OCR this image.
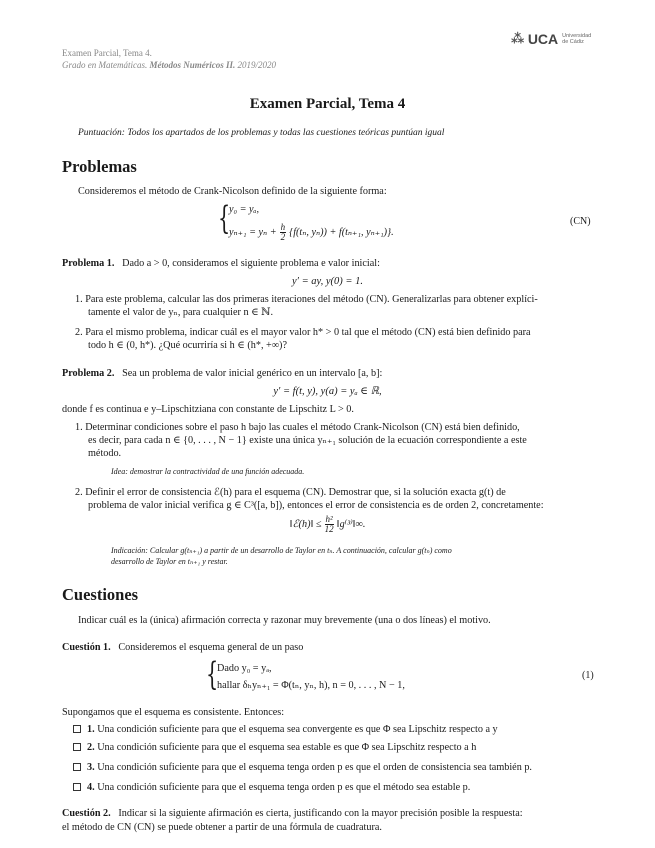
Examen Parcial, Tema 4.
Grado en Matemáticas. Métodos Numéricos II. 2019/2020
⁂ UCA Universidad
de Cádiz
Examen Parcial, Tema 4
Puntuación: Todos los apartados de los problemas y todas las cuestiones teóricas puntúan igual
Problemas
Consideremos el método de Crank-Nicolson definido de la siguiente forma:
{
y₀ = yₐ,
$y_{n+1} = y_n + \frac{h}{2} \{f(t_n$, yₙ)) + f(tₙ₊₁, yₙ₊₁)}.
(CN)
Problema 1. Dado a > 0, consideramos el siguiente problema e valor inicial:
y′ = ay, y(0) = 1.
1. Para este problema, calcular las dos primeras iteraciones del método (CN). Generalizarlas para obtener explíci-
tamente el valor de yₙ, para cualquier n ∈ ℕ.
2. Para el mismo problema, indicar cuál es el mayor valor h* > 0 tal que el método (CN) está bien definido para
todo h ∈ (0, h*). ¿Qué ocurriría si h ∈ (h*, +∞)?
Problema 2. Sea un problema de valor inicial genérico en un intervalo [a, b]:
y′ = f(t, y), y(a) = yₐ ∈ ℝ,
donde f es continua e y–Lipschitziana con constante de Lipschitz L > 0.
1. Determinar condiciones sobre el paso h bajo las cuales el método Crank-Nicolson (CN) está bien definido,
es decir, para cada n ∈ {0, . . . , N − 1} existe una única yₙ₊₁ solución de la ecuación correspondiente a este
método.
Idea: demostrar la contractividad de una función adecuada.
2. Definir el error de consistencia ℰ(h) para el esquema (CN). Demostrar que, si la solución exacta g(t) de
problema de valor inicial verifica g ∈ C³([a, b]), entonces el error de consistencia es de orden 2, concretamente:
‖ℰ(h)‖ ≤ $\frac{\text{h²}}{12}$ ‖g⁽³⁾‖∞.
Indicación: Calcular g(tₙ₊₁) a partir de un desarrollo de Taylor en tₙ. A continuación, calcular g(tₙ) como
desarrollo de Taylor en tₙ₊₁ y restar.
Cuestiones
Indicar cuál es la (única) afirmación correcta y razonar muy brevemente (una o dos líneas) el motivo.
Cuestión 1. Consideremos el esquema general de un paso
{
Dado y₀ = yₐ,
hallar δₕyₙ₊₁ = Φ(tₙ, yₙ, h), n = 0, . . . , N − 1,
(1)
Supongamos que el esquema es consistente. Entonces:
1. Una condición suficiente para que el esquema sea convergente es que Φ sea Lipschitz respecto a y
2. Una condición suficiente para que el esquema sea estable es que Φ sea Lipschitz respecto a h
3. Una condición suficiente para que el esquema tenga orden p es que el orden de consistencia sea también p.
4. Una condición suficiente para que el esquema tenga orden p es que el método sea estable p.
Cuestión 2. Indicar si la siguiente afirmación es cierta, justificando con la mayor precisión posible la respuesta:
el método de CN (CN) se puede obtener a partir de una fórmula de cuadratura.
